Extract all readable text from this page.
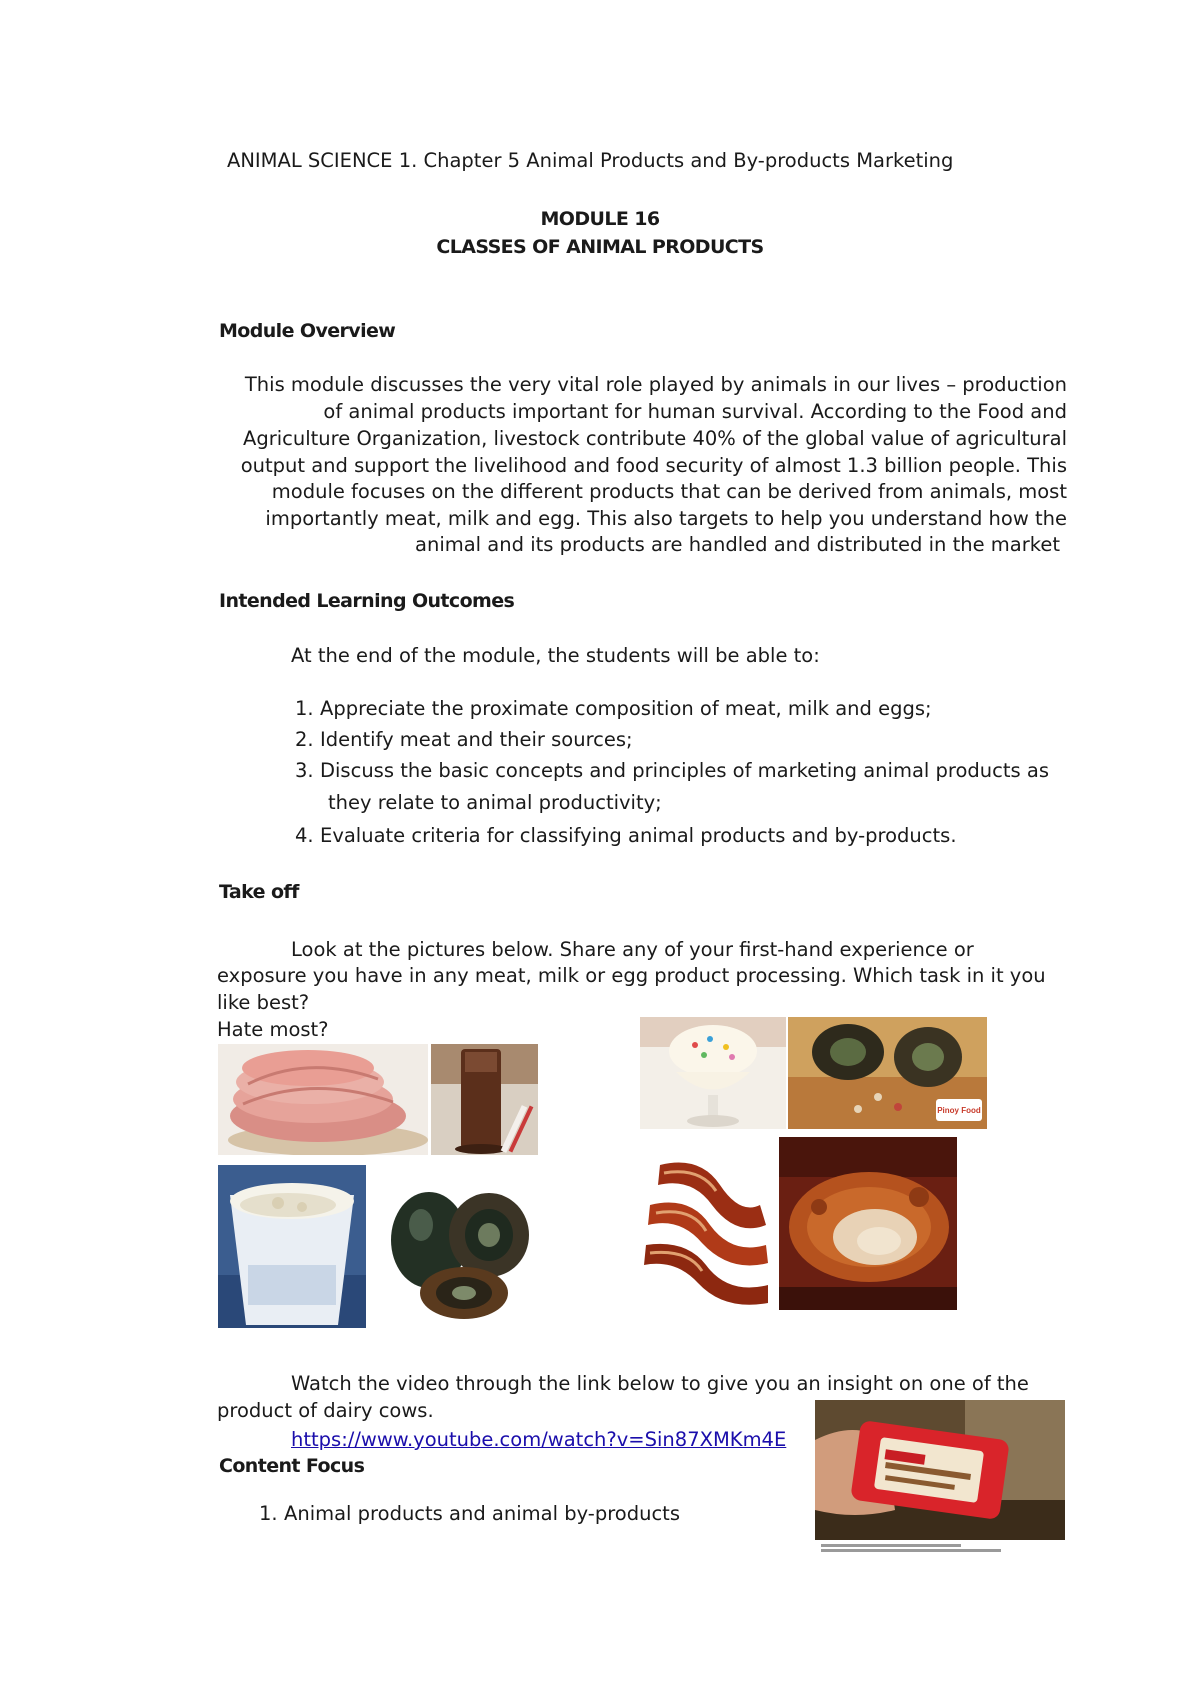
ANIMAL SCIENCE 1. Chapter 5 Animal Products and By-products Marketing
MODULE 16
CLASSES OF ANIMAL PRODUCTS
Module Overview
This module discusses the very vital role played by animals in our lives – production
of animal products important for human survival. According to the Food and
Agriculture Organization, livestock contribute 40% of the global value of agricultural
output and support the livelihood and food security of almost 1.3 billion people. This
module focuses on the different products that can be derived from animals, most
importantly meat, milk and egg. This also targets to help you understand how the
animal and its products are handled and distributed in the market
Intended Learning Outcomes
At the end of the module, the students will be able to:
1. Appreciate the proximate composition of meat, milk and eggs;
2. Identify meat and their sources;
3. Discuss the basic concepts and principles of marketing animal products as
they relate to animal productivity;
4. Evaluate criteria for classifying animal products and by-products.
Take off
Look at the pictures below. Share any of your first-hand experience or
exposure you have in any meat, milk or egg product processing. Which task in it you
like best?
Hate most?
Pinoy Food
Watch the video through the link below to give you an insight on one of the
product of dairy cows.
https://www.youtube.com/watch?v=Sin87XMKm4E
Content Focus
1. Animal products and animal by-products
